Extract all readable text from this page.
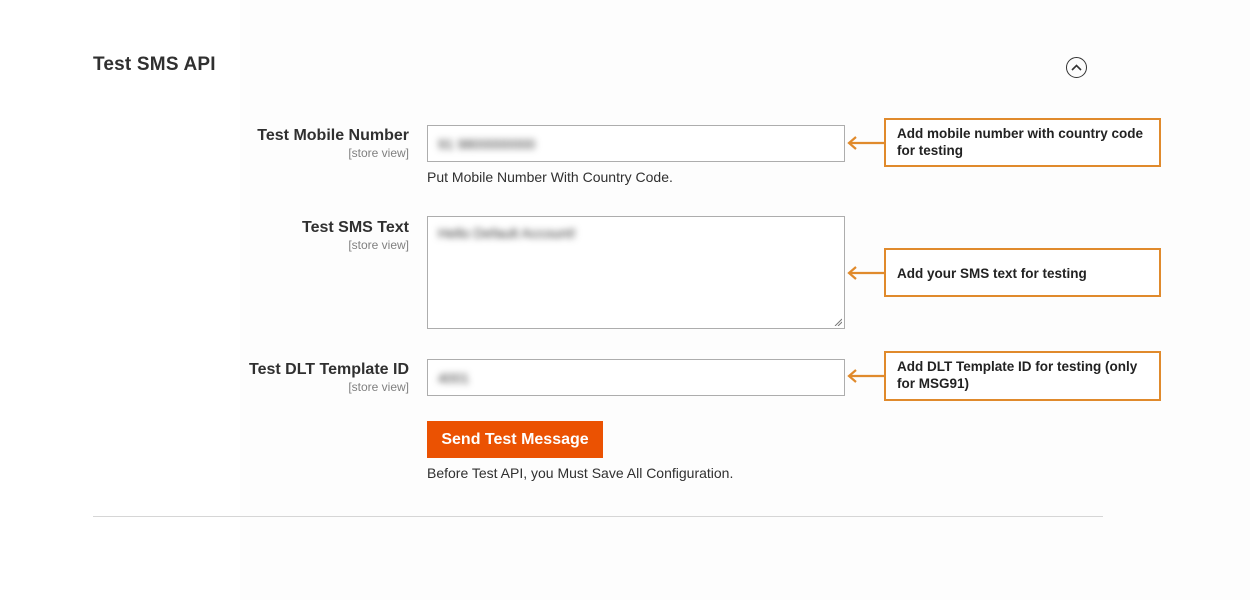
Test SMS API
Test Mobile Number
[store view]
91 9800000000
Put Mobile Number With Country Code.
Test SMS Text
[store view]
Hello Default Account!
Test DLT Template ID
[store view]
4001
Send Test Message
Before Test API, you Must Save All Configuration.
Add mobile number with country code for testing
Add your SMS text for testing
Add DLT Template ID for testing (only for MSG91)
